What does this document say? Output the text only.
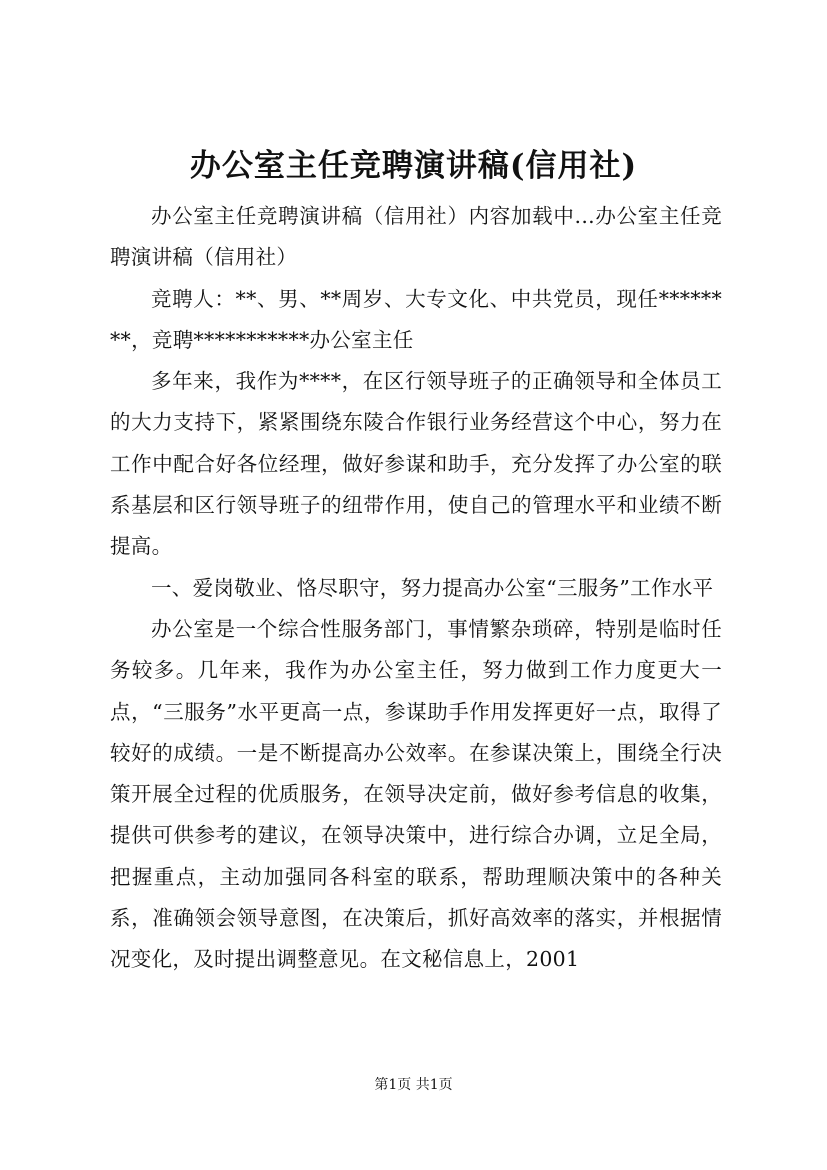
办公室主任竞聘演讲稿(信用社)

办公室主任竞聘演讲稿（信用社）内容加载中...办公室主任竞聘演讲稿（信用社）

竞聘人：**、男、**周岁、大专文化、中共党员，现任********，竞聘***********办公室主任

多年来，我作为****，在区行领导班子的正确领导和全体员工的大力支持下，紧紧围绕东陵合作银行业务经营这个中心，努力在工作中配合好各位经理，做好参谋和助手，充分发挥了办公室的联系基层和区行领导班子的纽带作用，使自己的管理水平和业绩不断提高。

一、爱岗敬业、恪尽职守，努力提高办公室“三服务”工作水平

办公室是一个综合性服务部门，事情繁杂琐碎，特别是临时任务较多。几年来，我作为办公室主任，努力做到工作力度更大一点，“三服务”水平更高一点，参谋助手作用发挥更好一点，取得了较好的成绩。一是不断提高办公效率。在参谋决策上，围绕全行决策开展全过程的优质服务，在领导决定前，做好参考信息的收集，提供可供参考的建议，在领导决策中，进行综合办调，立足全局，把握重点，主动加强同各科室的联系，帮助理顺决策中的各种关系，准确领会领导意图，在决策后，抓好高效率的落实，并根据情况变化，及时提出调整意见。在文秘信息上，2001

第1页 共1页
